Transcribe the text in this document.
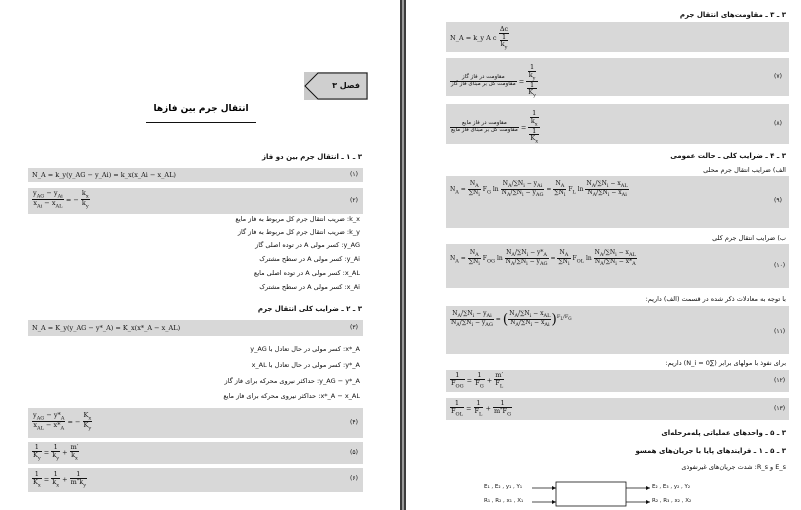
فصل ۳
انتقال جرم بین فازها
۳ ـ ۱ ـ انتقال جرم بین دو فاز
N_A = k_y(y_AG − y_Ai) = k_x(x_Ai − x_AL)	(۱)
$\frac{y_{AG} - y_{Ai}}{x_{Ai} - x_{AL}}$ = − $\frac{k_x}{k_y}$	(۲)
k_x: ضریب انتقال جرم کل مربوط به فاز مایع
k_y: ضریب انتقال جرم کل مربوط به فاز گاز
y_AG: کسر مولی A در توده اصلی گاز
y_Ai: کسر مولی A در سطح مشترک
x_AL: کسر مولی A در توده اصلی مایع
x_Ai: کسر مولی A در سطح مشترک
۳ ـ ۲ ـ ضرایب کلی انتقال جرم
N_A = K_y(y_AG − y*_A) = K_x(x*_A − x_AL)	(۳)
x*_A: کسر مولی در حال تعادل با y_AG
y*_A: کسر مولی در حال تعادل با x_AL
y_AG − y*_A: حداکثر نیروی محرکه برای فاز گاز
x*_A − x_AL: حداکثر نیروی محرکه برای فاز مایع
$\frac{y_{AG} - y*_A}{x_{AL} - x*_A}$ = − $\frac{K_x}{K_y}$	(۴)
$\frac{1}{K_y} = \frac{1}{k_y} + \frac{m'}{k_x}$	(۵)
$\frac{1}{K_x} = \frac{1}{k_x} + \frac{1}{m''k_y}$	(۶)
۳ ـ ۳ ـ مقاومت‌های انتقال جرم
N_A = k_y A c $\frac{\Delta c}{\frac{1}{k_y}}$
$\frac{\text{مقاومت در فاز گاز}}{\text{مقاومت کل بر مبنای فاز گاز}} = \frac{\frac{1}{k_y}}{\frac{1}{K_y}}$	(۷)
$\frac{\text{مقاومت در فاز مایع}}{\text{مقاومت کل بر مبنای فاز مایع}} = \frac{\frac{1}{k_x}}{\frac{1}{K_x}}$	(۸)
۳ ـ ۴ ـ ضرایب کلی ـ حالت عمومی
الف) ضرایب انتقال جرم محلی
$N_A = \frac{N_A}{\sum N_i} F_G$ $\ln \frac{N_A/\sum N_i - y_{Ai}}{N_A/\sum N_i - y_{AG}} = \frac{N_A}{\sum N_i} F_L$ $\ln \frac{N_A/\sum N_i - x_{AL}}{N_A/\sum N_i - x_{Ai}}$
(۹)
ب) ضرایب انتقال جرم کلی
$N_A = \frac{N_A}{\sum N_i} F_{OG}$ $\ln \frac{N_A/\sum N_i - y*_A}{N_A/\sum N_i - y_{AG}} = \frac{N_A}{\sum N_i} F_{OL}$ $\ln \frac{N_A/\sum N_i - x_{AL}}{N_A/\sum N_i - x*_A}$	(۱۰)
با توجه به معادلات ذکر شده در قسمت (الف) داریم:
$\frac{N_A/\sum N_i - y_{Ai}}{N_A/\sum N_i - y_{AG}}$ = ( $\frac{N_A/\sum N_i - x_{AL}}{N_A/\sum N_i - x_{Ai}} )^{F_L/F_G}$
(۱۱)
برای نفوذ با مولهای برابر (∑N_i = 0) داریم:
$\frac{1}{F_{OG}} = \frac{1}{F_G} + \frac{m'}{F_L}$	(۱۲)
$\frac{1}{F_{OL}} = \frac{1}{F_L} + \frac{1}{m''F_G}$	(۱۳)
۳ ـ ۵ ـ واحدهای عملیاتی پله‌مرحله‌ای
۳ ـ ۵ ـ ۱ ـ فرایندهای پایا با جریان‌های همسو
E_s و R_s: شدت جریان‌های غیرنفوذی
E₁ , E₂ , y₁ , Y₁
R₁ , R₂ , x₁ , X₁
E₂ , E₃ , y₂ , Y₂
R₂ , R₃ , x₂ , X₂
